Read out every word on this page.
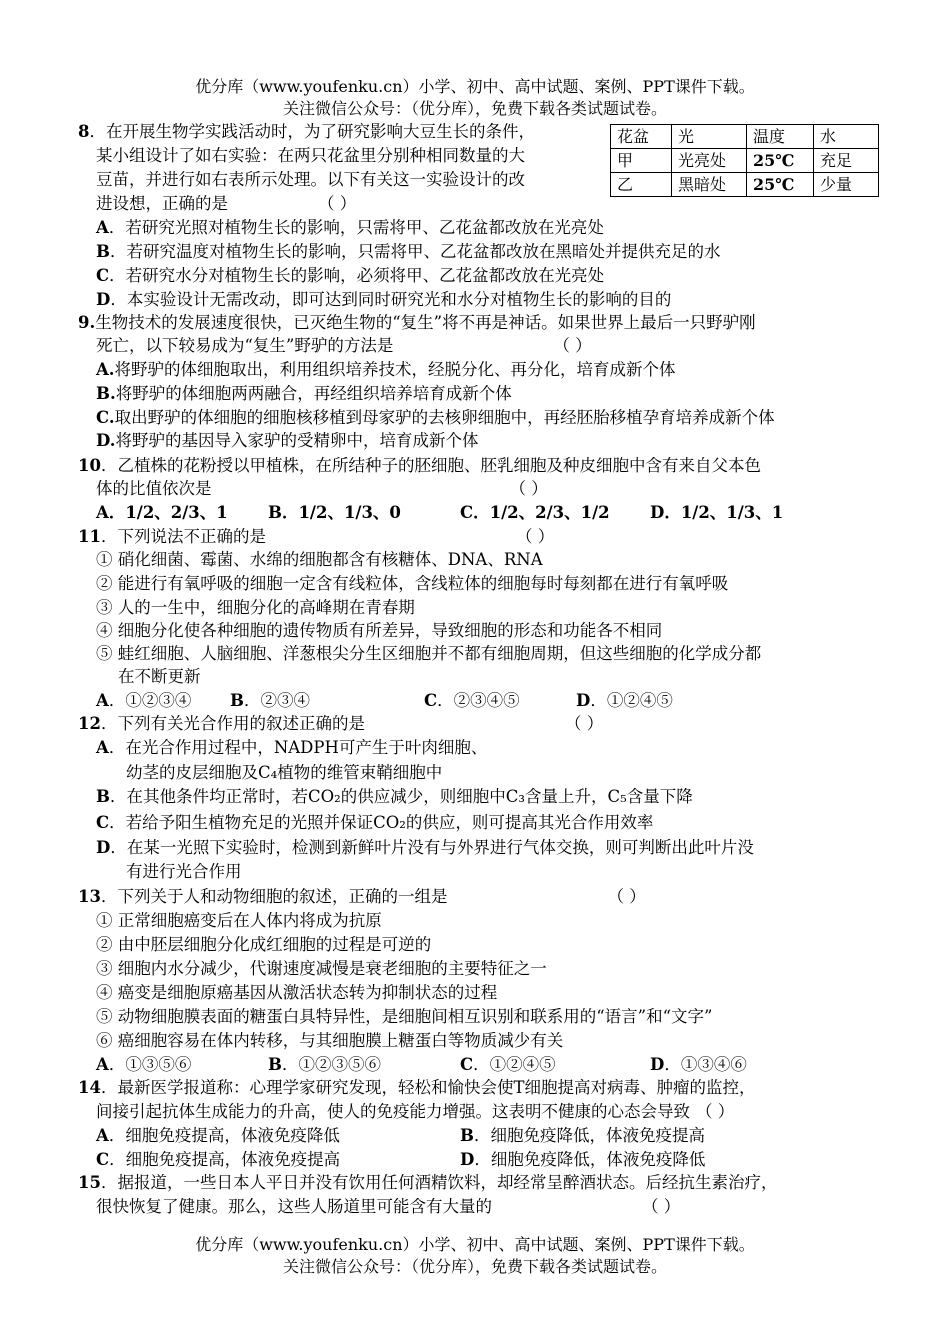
优分库（www.youfenku.cn）小学、初中、高中试题、案例、PPT课件下载。
关注微信公众号：（优分库），免费下载各类试题试卷。
8．在开展生物学实践活动时，为了研究影响大豆生长的条件，
某小组设计了如右实验：在两只花盆里分别种相同数量的大
豆苗，并进行如右表所示处理。以下有关这一实验设计的改
进设想，正确的是	（ ）
花盆	光	温度	水
甲	光亮处	25℃	充足
乙	黑暗处	25℃	少量
A．若研究光照对植物生长的影响，只需将甲、乙花盆都改放在光亮处
B．若研究温度对植物生长的影响，只需将甲、乙花盆都改放在黑暗处并提供充足的水
C．若研究水分对植物生长的影响，必须将甲、乙花盆都改放在光亮处
D．本实验设计无需改动，即可达到同时研究光和水分对植物生长的影响的目的
9.生物技术的发展速度很快，已灭绝生物的“复生”将不再是神话。如果世界上最后一只野驴刚
死亡，以下较易成为“复生”野驴的方法是	（ ）
A.将野驴的体细胞取出，利用组织培养技术，经脱分化、再分化，培育成新个体
B.将野驴的体细胞两两融合，再经组织培养培育成新个体
C.取出野驴的体细胞的细胞核移植到母家驴的去核卵细胞中，再经胚胎移植孕育培养成新个体
D.将野驴的基因导入家驴的受精卵中，培育成新个体
10．乙植株的花粉授以甲植株，在所结种子的胚细胞、胚乳细胞及种皮细胞中含有来自父本色
体的比值依次是	（ ）
A．1/2、2/3、1 B．1/2、1/3、0	C．1/2、2/3、1/2 D．1/2、1/3、1
11．下列说法不正确的是	（ ）
① 硝化细菌、霉菌、水绵的细胞都含有核糖体、DNA、RNA
② 能进行有氧呼吸的细胞一定含有线粒体，含线粒体的细胞每时每刻都在进行有氧呼吸
③ 人的一生中，细胞分化的高峰期在青春期
④ 细胞分化使各种细胞的遗传物质有所差异，导致细胞的形态和功能各不相同
⑤ 蛙红细胞、人脑细胞、洋葱根尖分生区细胞并不都有细胞周期，但这些细胞的化学成分都
在不断更新
A．①②③④ B．②③④	C．②③④⑤	D．①②④⑤
12．下列有关光合作用的叙述正确的是	（ ）
A．在光合作用过程中，NADPH可产生于叶肉细胞、
幼茎的皮层细胞及C₄植物的维管束鞘细胞中
B．在其他条件均正常时，若CO₂的供应减少，则细胞中C₃含量上升，C₅含量下降
C．若给予阳生植物充足的光照并保证CO₂的供应，则可提高其光合作用效率
D．在某一光照下实验时，检测到新鲜叶片没有与外界进行气体交换，则可判断出此叶片没
有进行光合作用
13．下列关于人和动物细胞的叙述，正确的一组是	（ ）
① 正常细胞癌变后在人体内将成为抗原
② 由中胚层细胞分化成红细胞的过程是可逆的
③ 细胞内水分减少，代谢速度减慢是衰老细胞的主要特征之一
④ 癌变是细胞原癌基因从激活状态转为抑制状态的过程
⑤ 动物细胞膜表面的糖蛋白具特异性，是细胞间相互识别和联系用的“语言”和“文字”
⑥ 癌细胞容易在体内转移，与其细胞膜上糖蛋白等物质减少有关
A．①③⑤⑥	B．①②③⑤⑥	C．①②④⑤	D．①③④⑥
14．最新医学报道称：心理学家研究发现，轻松和愉快会使T细胞提高对病毒、肿瘤的监控，
间接引起抗体生成能力的升高，使人的免疫能力增强。这表明不健康的心态会导致 （ ）
A．细胞免疫提高，体液免疫降低	B．细胞免疫降低，体液免疫提高
C．细胞免疫提高，体液免疫提高	D．细胞免疫降低，体液免疫降低
15．据报道，一些日本人平日并没有饮用任何酒精饮料，却经常呈醉酒状态。后经抗生素治疗，
很快恢复了健康。那么，这些人肠道里可能含有大量的	（ ）
优分库（www.youfenku.cn）小学、初中、高中试题、案例、PPT课件下载。
关注微信公众号：（优分库），免费下载各类试题试卷。
